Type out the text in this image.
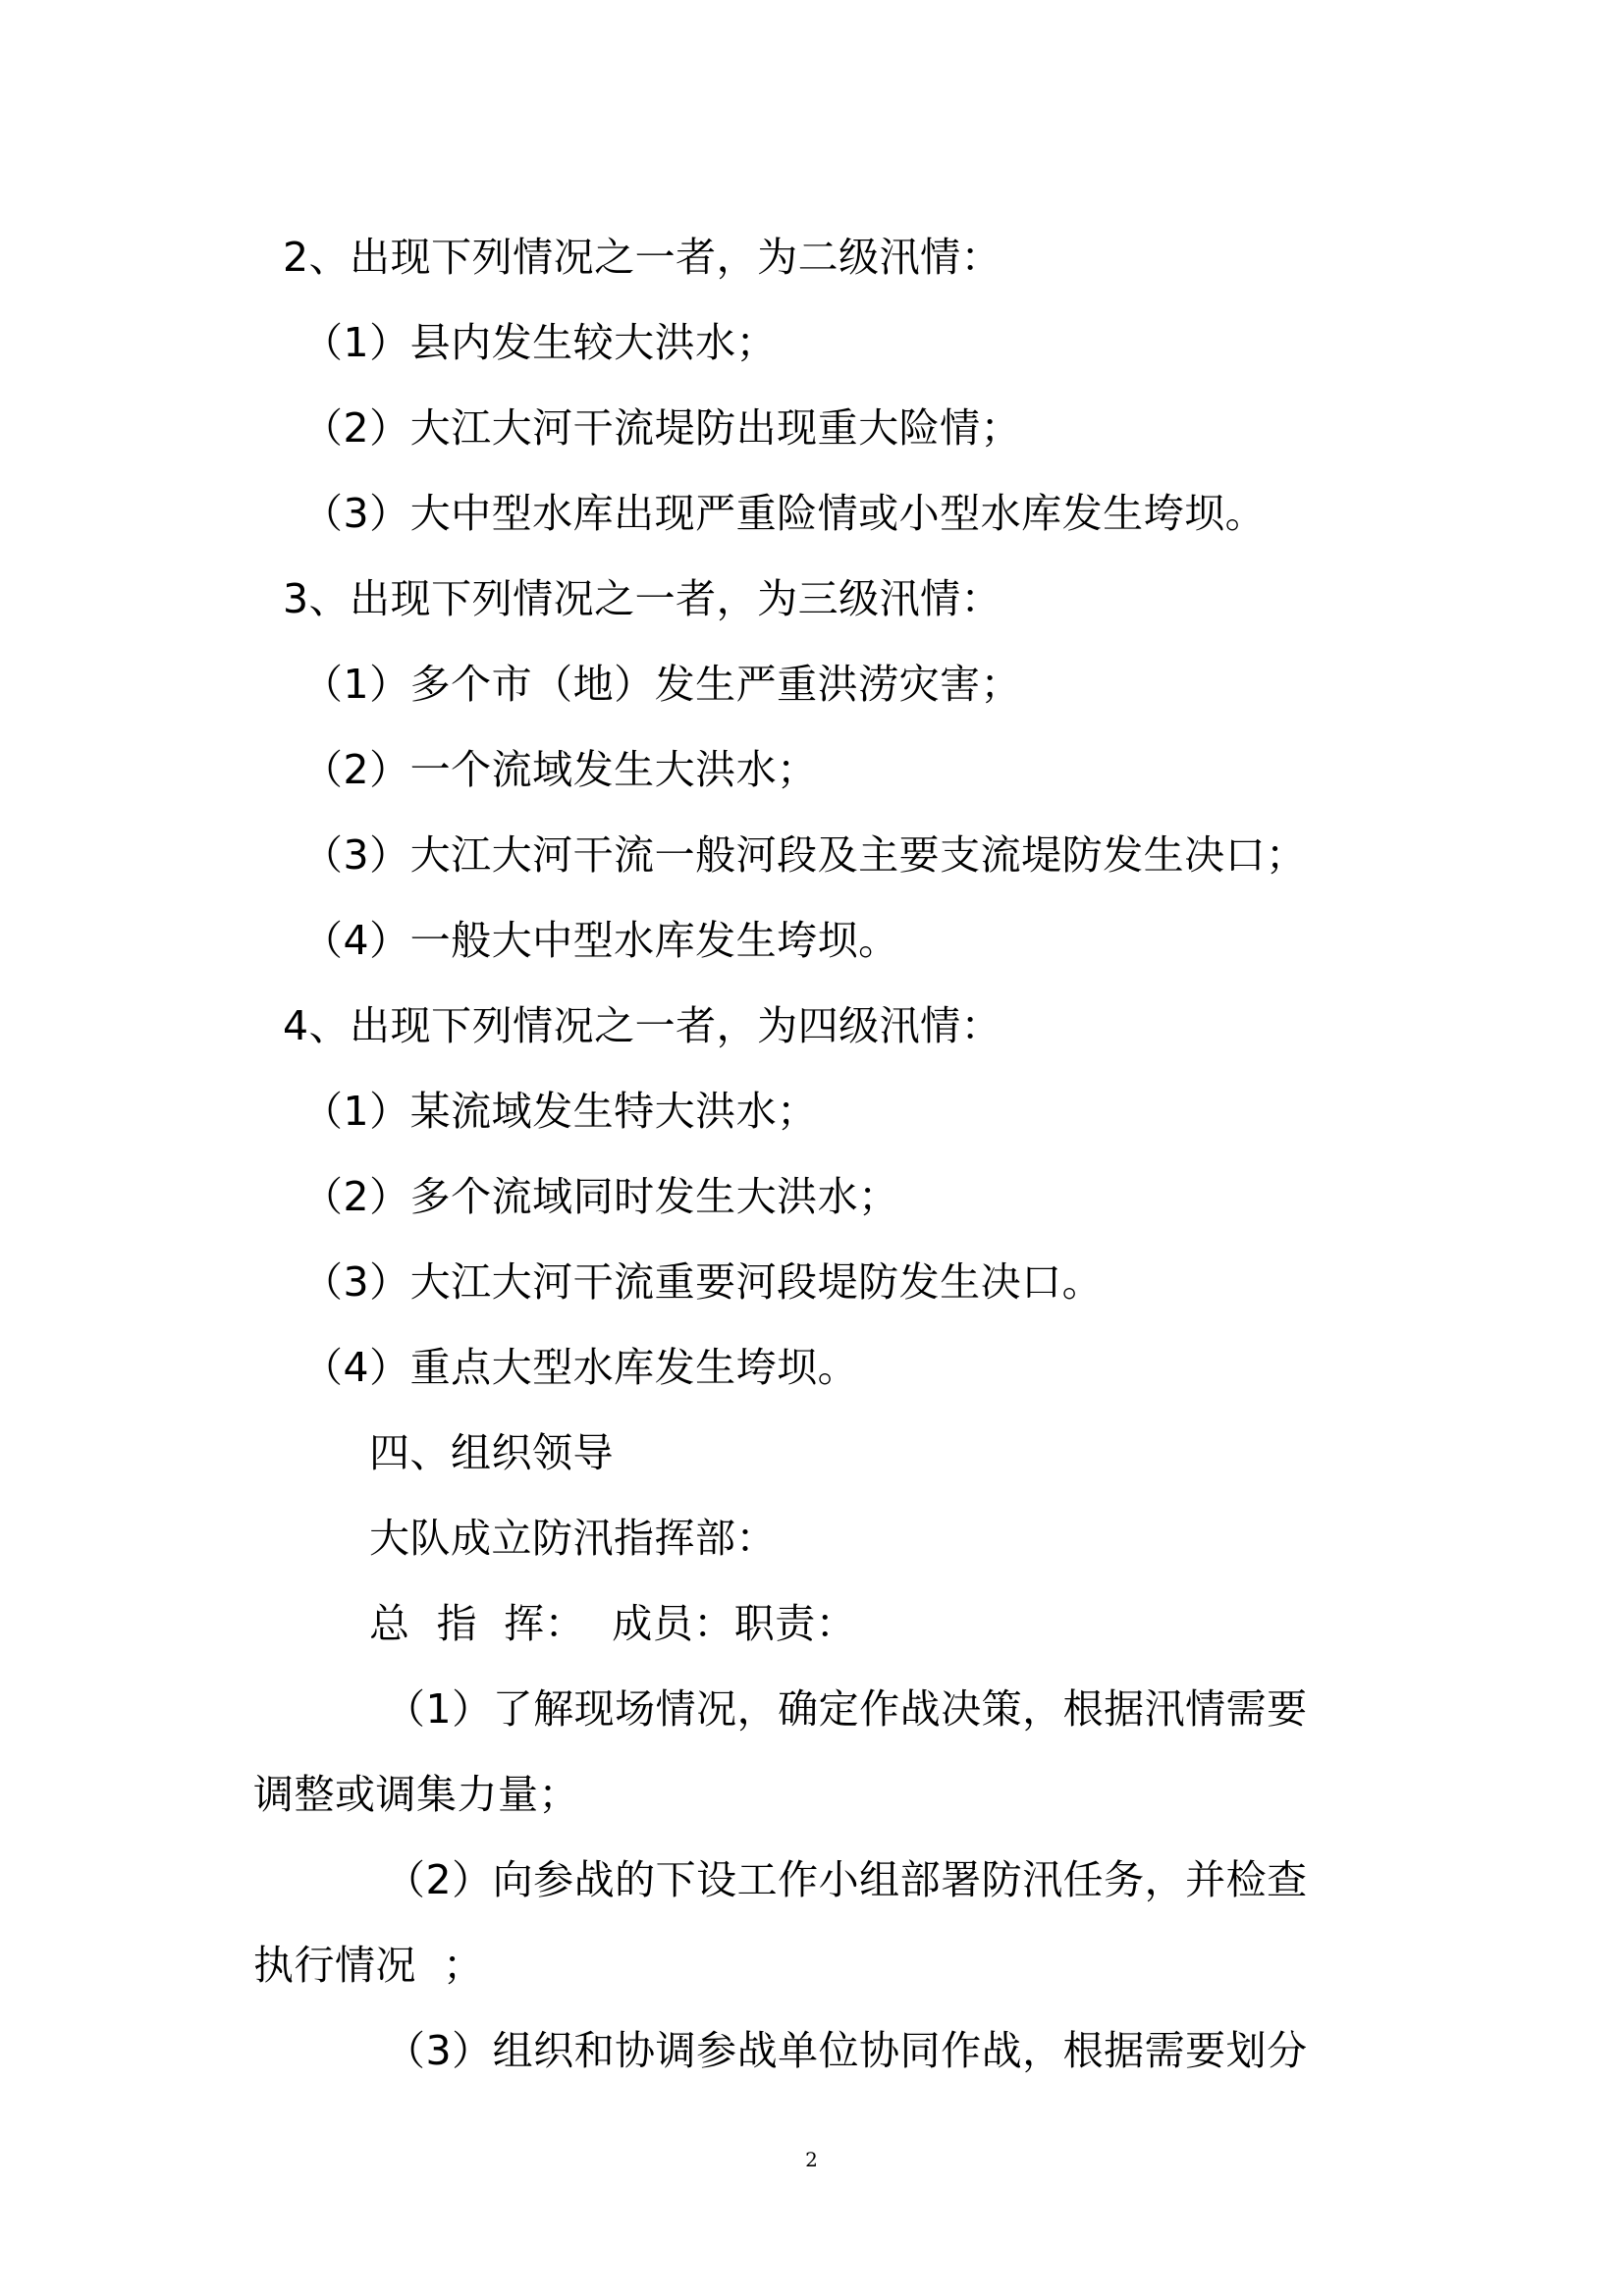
2、出现下列情况之一者，为二级汛情：
（1）县内发生较大洪水；
（2）大江大河干流堤防出现重大险情；
（3）大中型水库出现严重险情或小型水库发生垮坝。
3、出现下列情况之一者，为三级汛情：
（1）多个市（地）发生严重洪涝灾害；
（2）一个流域发生大洪水；
（3）大江大河干流一般河段及主要支流堤防发生决口；
（4）一般大中型水库发生垮坝。
4、出现下列情况之一者，为四级汛情：
（1）某流域发生特大洪水；
（2）多个流域同时发生大洪水；
（3）大江大河干流重要河段堤防发生决口。
（4）重点大型水库发生垮坝。
四、组织领导
大队成立防汛指挥部：
总  指  挥：  成员：职责：
（1）了解现场情况，确定作战决策，根据汛情需要
调整或调集力量；
（2）向参战的下设工作小组部署防汛任务，并检查
执行情况  ；
（3）组织和协调参战单位协同作战，根据需要划分
2
